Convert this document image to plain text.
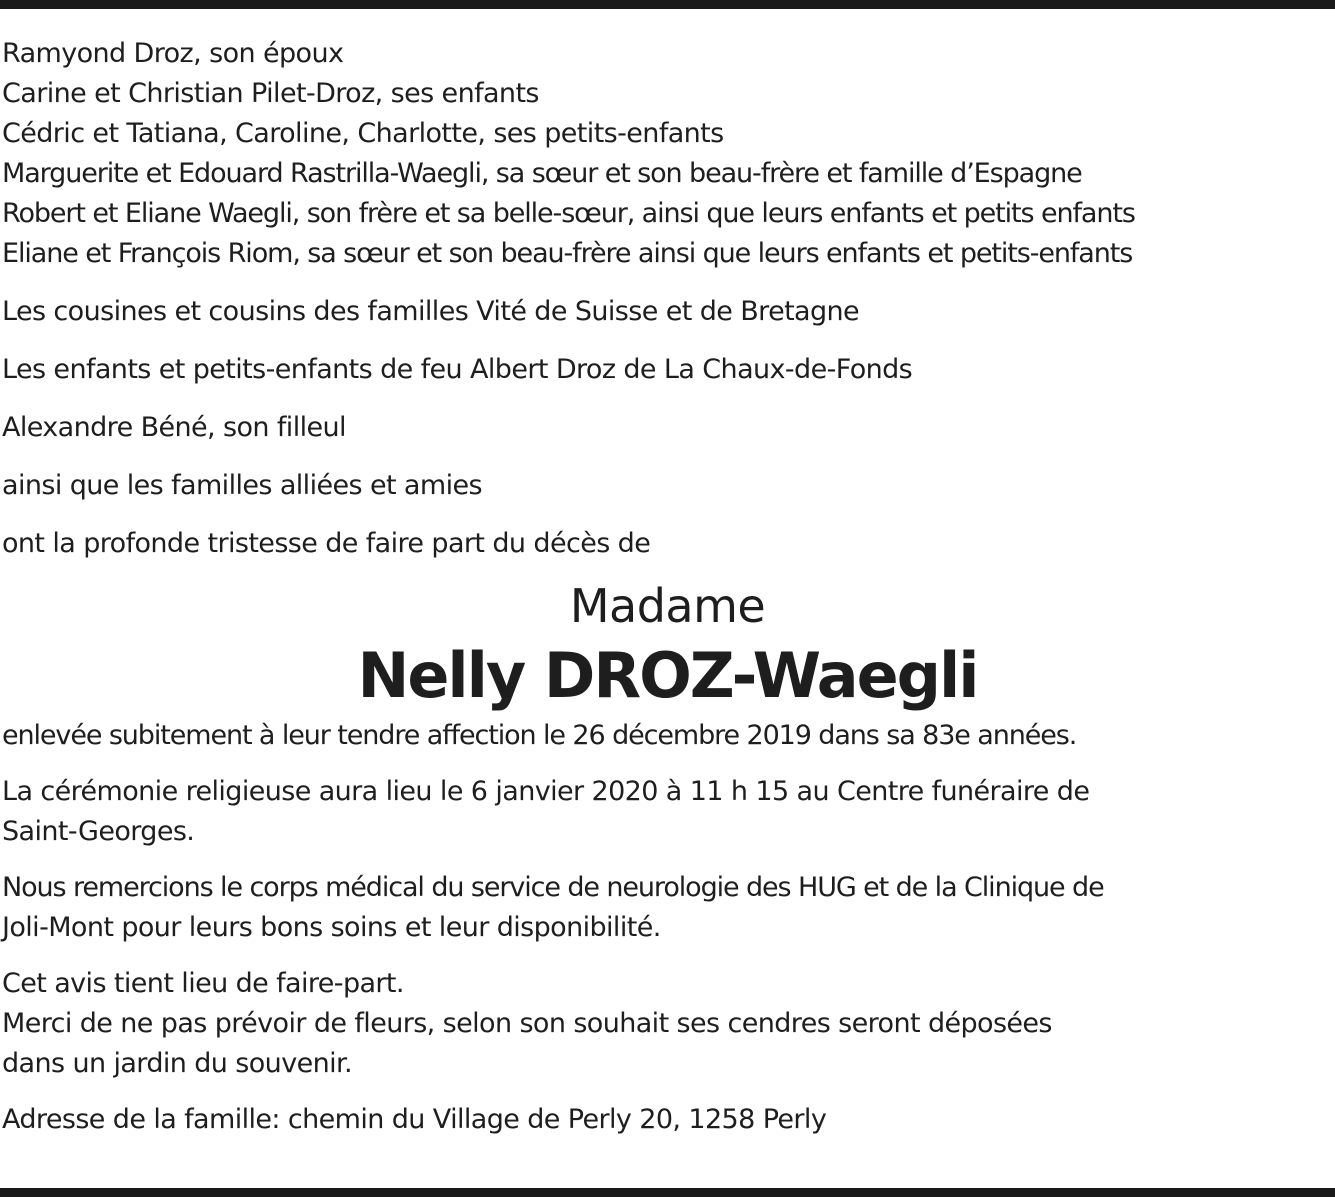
Ramyond Droz, son époux
Carine et Christian Pilet-Droz, ses enfants
Cédric et Tatiana, Caroline, Charlotte, ses petits-enfants
Marguerite et Edouard Rastrilla-Waegli, sa sœur et son beau-frère et famille d’Espagne
Robert et Eliane Waegli, son frère et sa belle-sœur, ainsi que leurs enfants et petits enfants
Eliane et François Riom, sa sœur et son beau-frère ainsi que leurs enfants et petits-enfants
Les cousines et cousins des familles Vité de Suisse et de Bretagne
Les enfants et petits-enfants de feu Albert Droz de La Chaux-de-Fonds
Alexandre Béné, son filleul
ainsi que les familles alliées et amies
ont la profonde tristesse de faire part du décès de
Madame
Nelly DROZ-Waegli
enlevée subitement à leur tendre affection le 26 décembre 2019 dans sa 83e années.
La cérémonie religieuse aura lieu le 6 janvier 2020 à 11 h 15 au Centre funéraire de
Saint-Georges.
Nous remercions le corps médical du service de neurologie des HUG et de la Clinique de
Joli-Mont pour leurs bons soins et leur disponibilité.
Cet avis tient lieu de faire-part.
Merci de ne pas prévoir de fleurs, selon son souhait ses cendres seront déposées
dans un jardin du souvenir.
Adresse de la famille: chemin du Village de Perly 20, 1258 Perly
